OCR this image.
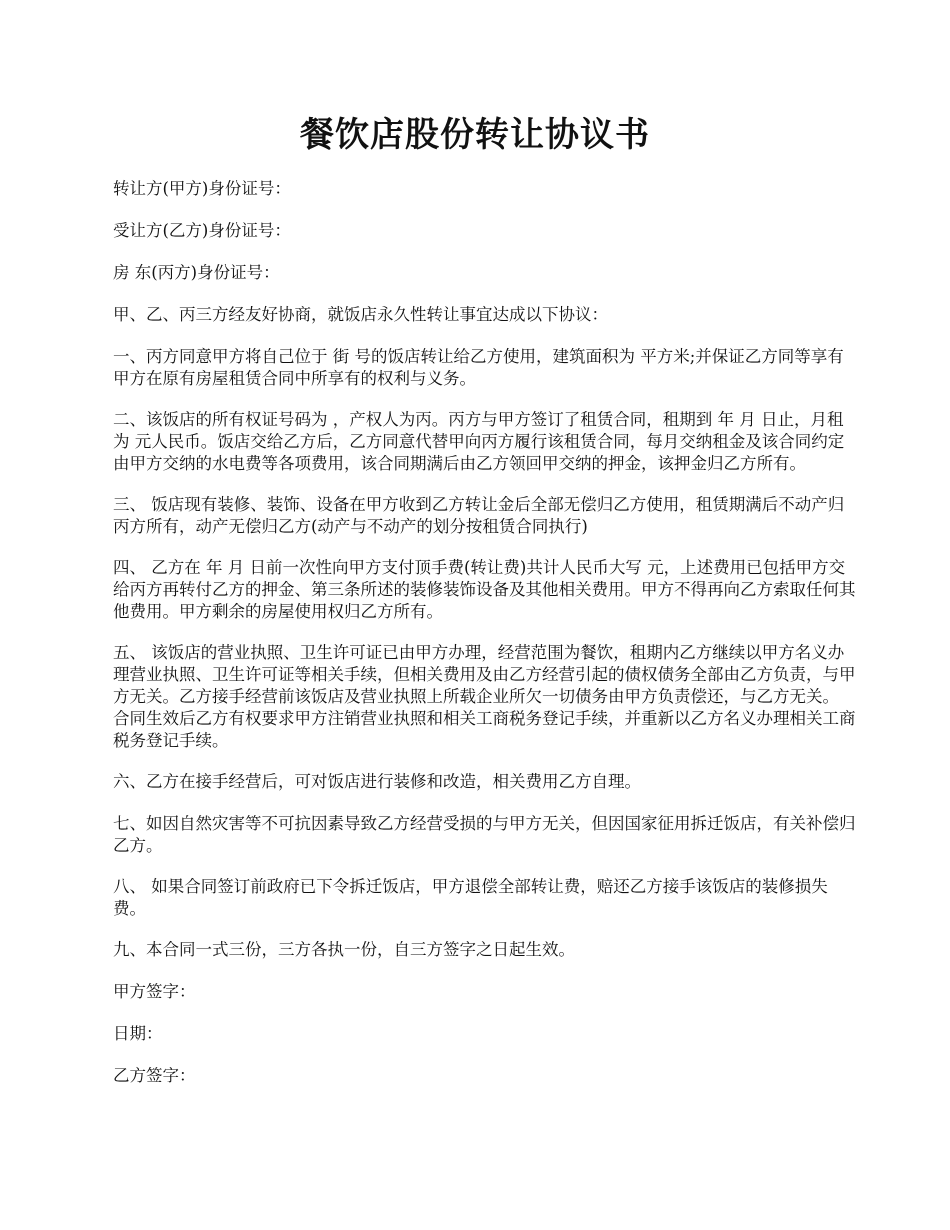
餐饮店股份转让协议书

转让方(甲方)身份证号：

受让方(乙方)身份证号：

房 东(丙方)身份证号：

甲、乙、丙三方经友好协商，就饭店永久性转让事宜达成以下协议：

一、丙方同意甲方将自己位于 街 号的饭店转让给乙方使用，建筑面积为 平方米;并保证乙方同等享有甲方在原有房屋租赁合同中所享有的权利与义务。

二、该饭店的所有权证号码为 ，产权人为丙。丙方与甲方签订了租赁合同，租期到 年 月 日止，月租为 元人民币。饭店交给乙方后，乙方同意代替甲向丙方履行该租赁合同，每月交纳租金及该合同约定由甲方交纳的水电费等各项费用，该合同期满后由乙方领回甲交纳的押金，该押金归乙方所有。

三、 饭店现有装修、装饰、设备在甲方收到乙方转让金后全部无偿归乙方使用，租赁期满后不动产归丙方所有，动产无偿归乙方(动产与不动产的划分按租赁合同执行)

四、 乙方在 年 月 日前一次性向甲方支付顶手费(转让费)共计人民币大写 元，上述费用已包括甲方交给丙方再转付乙方的押金、第三条所述的装修装饰设备及其他相关费用。甲方不得再向乙方索取任何其他费用。甲方剩余的房屋使用权归乙方所有。

五、 该饭店的营业执照、卫生许可证已由甲方办理，经营范围为餐饮，租期内乙方继续以甲方名义办理营业执照、卫生许可证等相关手续，但相关费用及由乙方经营引起的债权债务全部由乙方负责，与甲方无关。乙方接手经营前该饭店及营业执照上所载企业所欠一切债务由甲方负责偿还，与乙方无关。 合同生效后乙方有权要求甲方注销营业执照和相关工商税务登记手续，并重新以乙方名义办理相关工商税务登记手续。

六、乙方在接手经营后，可对饭店进行装修和改造，相关费用乙方自理。

七、如因自然灾害等不可抗因素导致乙方经营受损的与甲方无关，但因国家征用拆迁饭店，有关补偿归乙方。

八、 如果合同签订前政府已下令拆迁饭店，甲方退偿全部转让费，赔还乙方接手该饭店的装修损失费。

九、本合同一式三份，三方各执一份，自三方签字之日起生效。

甲方签字：

日期：

乙方签字：
